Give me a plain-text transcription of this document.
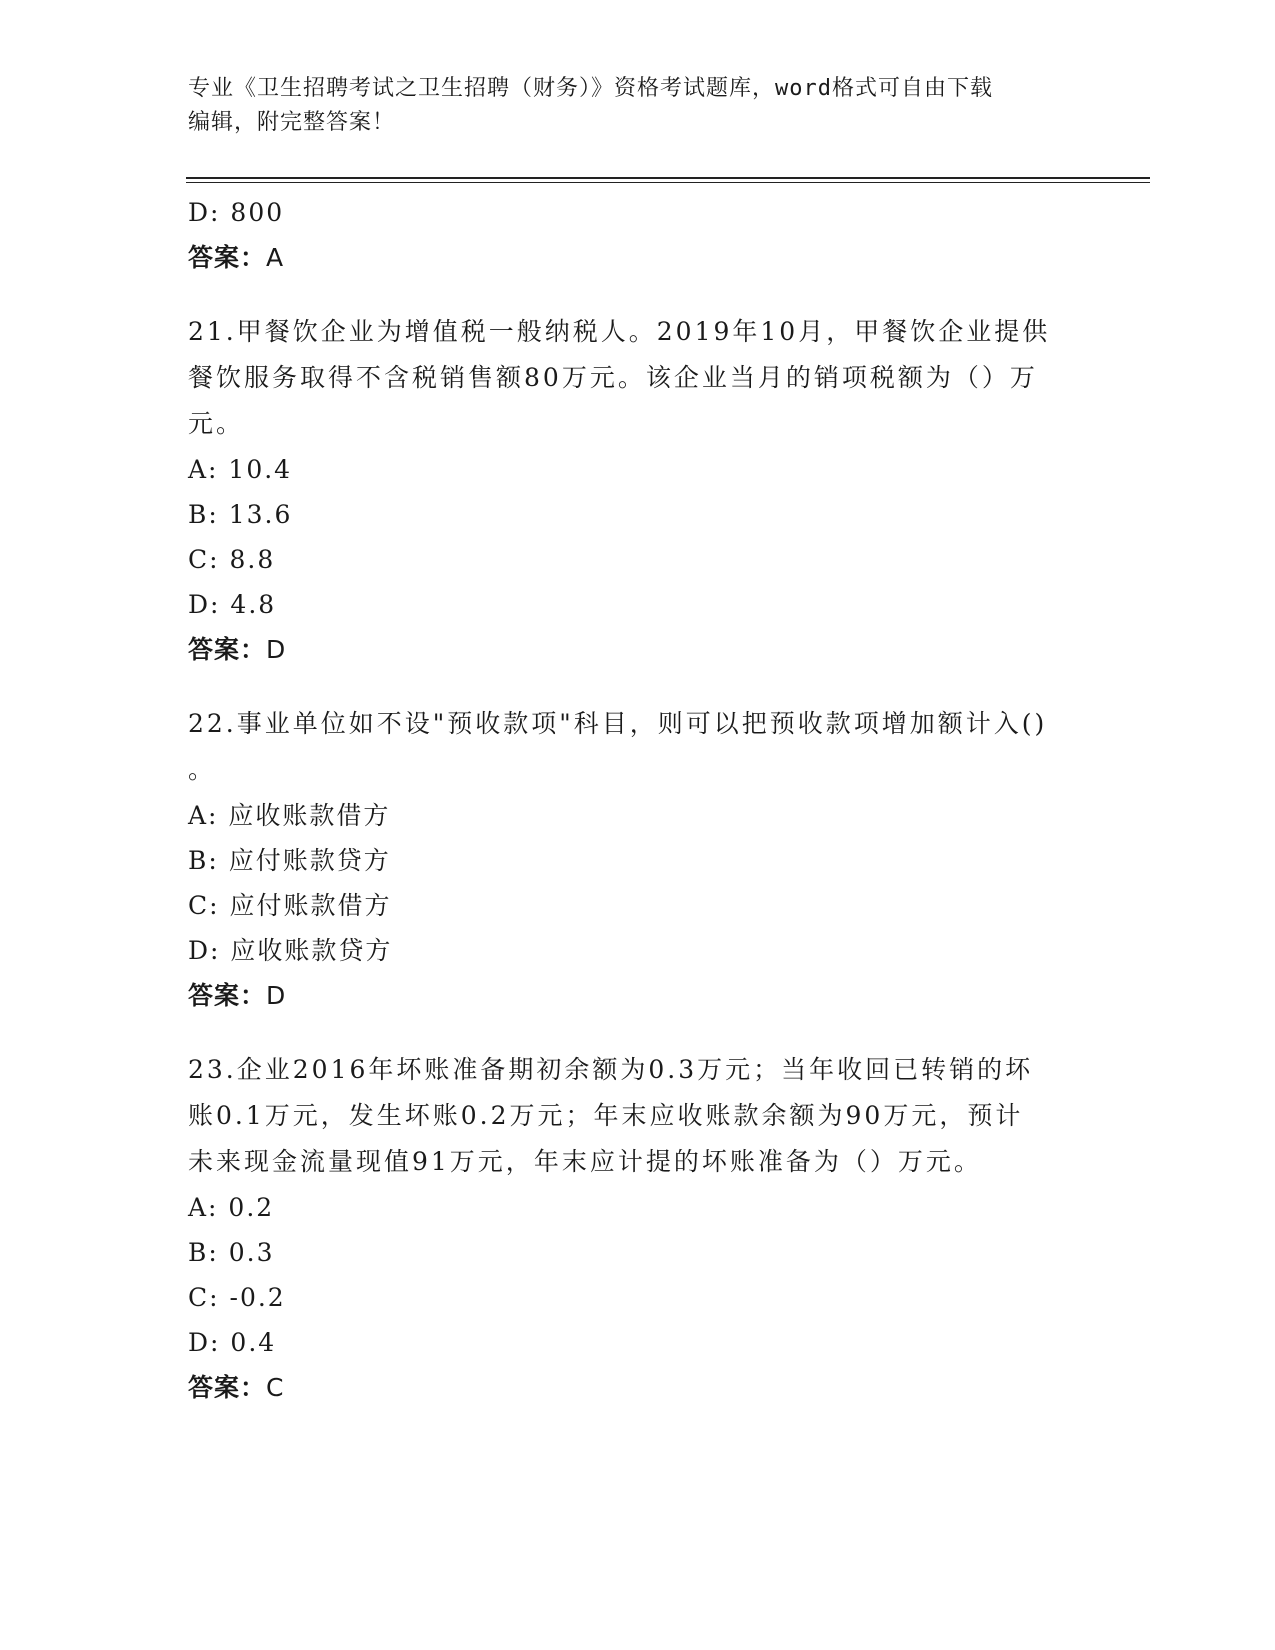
专业《卫生招聘考试之卫生招聘（财务）》资格考试题库，word格式可自由下载
编辑，附完整答案！
D: 800
答案：A
21.甲餐饮企业为增值税一般纳税人。2019年10月，甲餐饮企业提供
餐饮服务取得不含税销售额80万元。该企业当月的销项税额为（）万
元。
A: 10.4
B: 13.6
C: 8.8
D: 4.8
答案：D
22.事业单位如不设"预收款项"科目，则可以把预收款项增加额计入()
。
A: 应收账款借方
B: 应付账款贷方
C: 应付账款借方
D: 应收账款贷方
答案：D
23.企业2016年坏账准备期初余额为0.3万元；当年收回已转销的坏
账0.1万元，发生坏账0.2万元；年末应收账款余额为90万元，预计
未来现金流量现值91万元，年末应计提的坏账准备为（）万元。
A: 0.2
B: 0.3
C: -0.2
D: 0.4
答案：C
